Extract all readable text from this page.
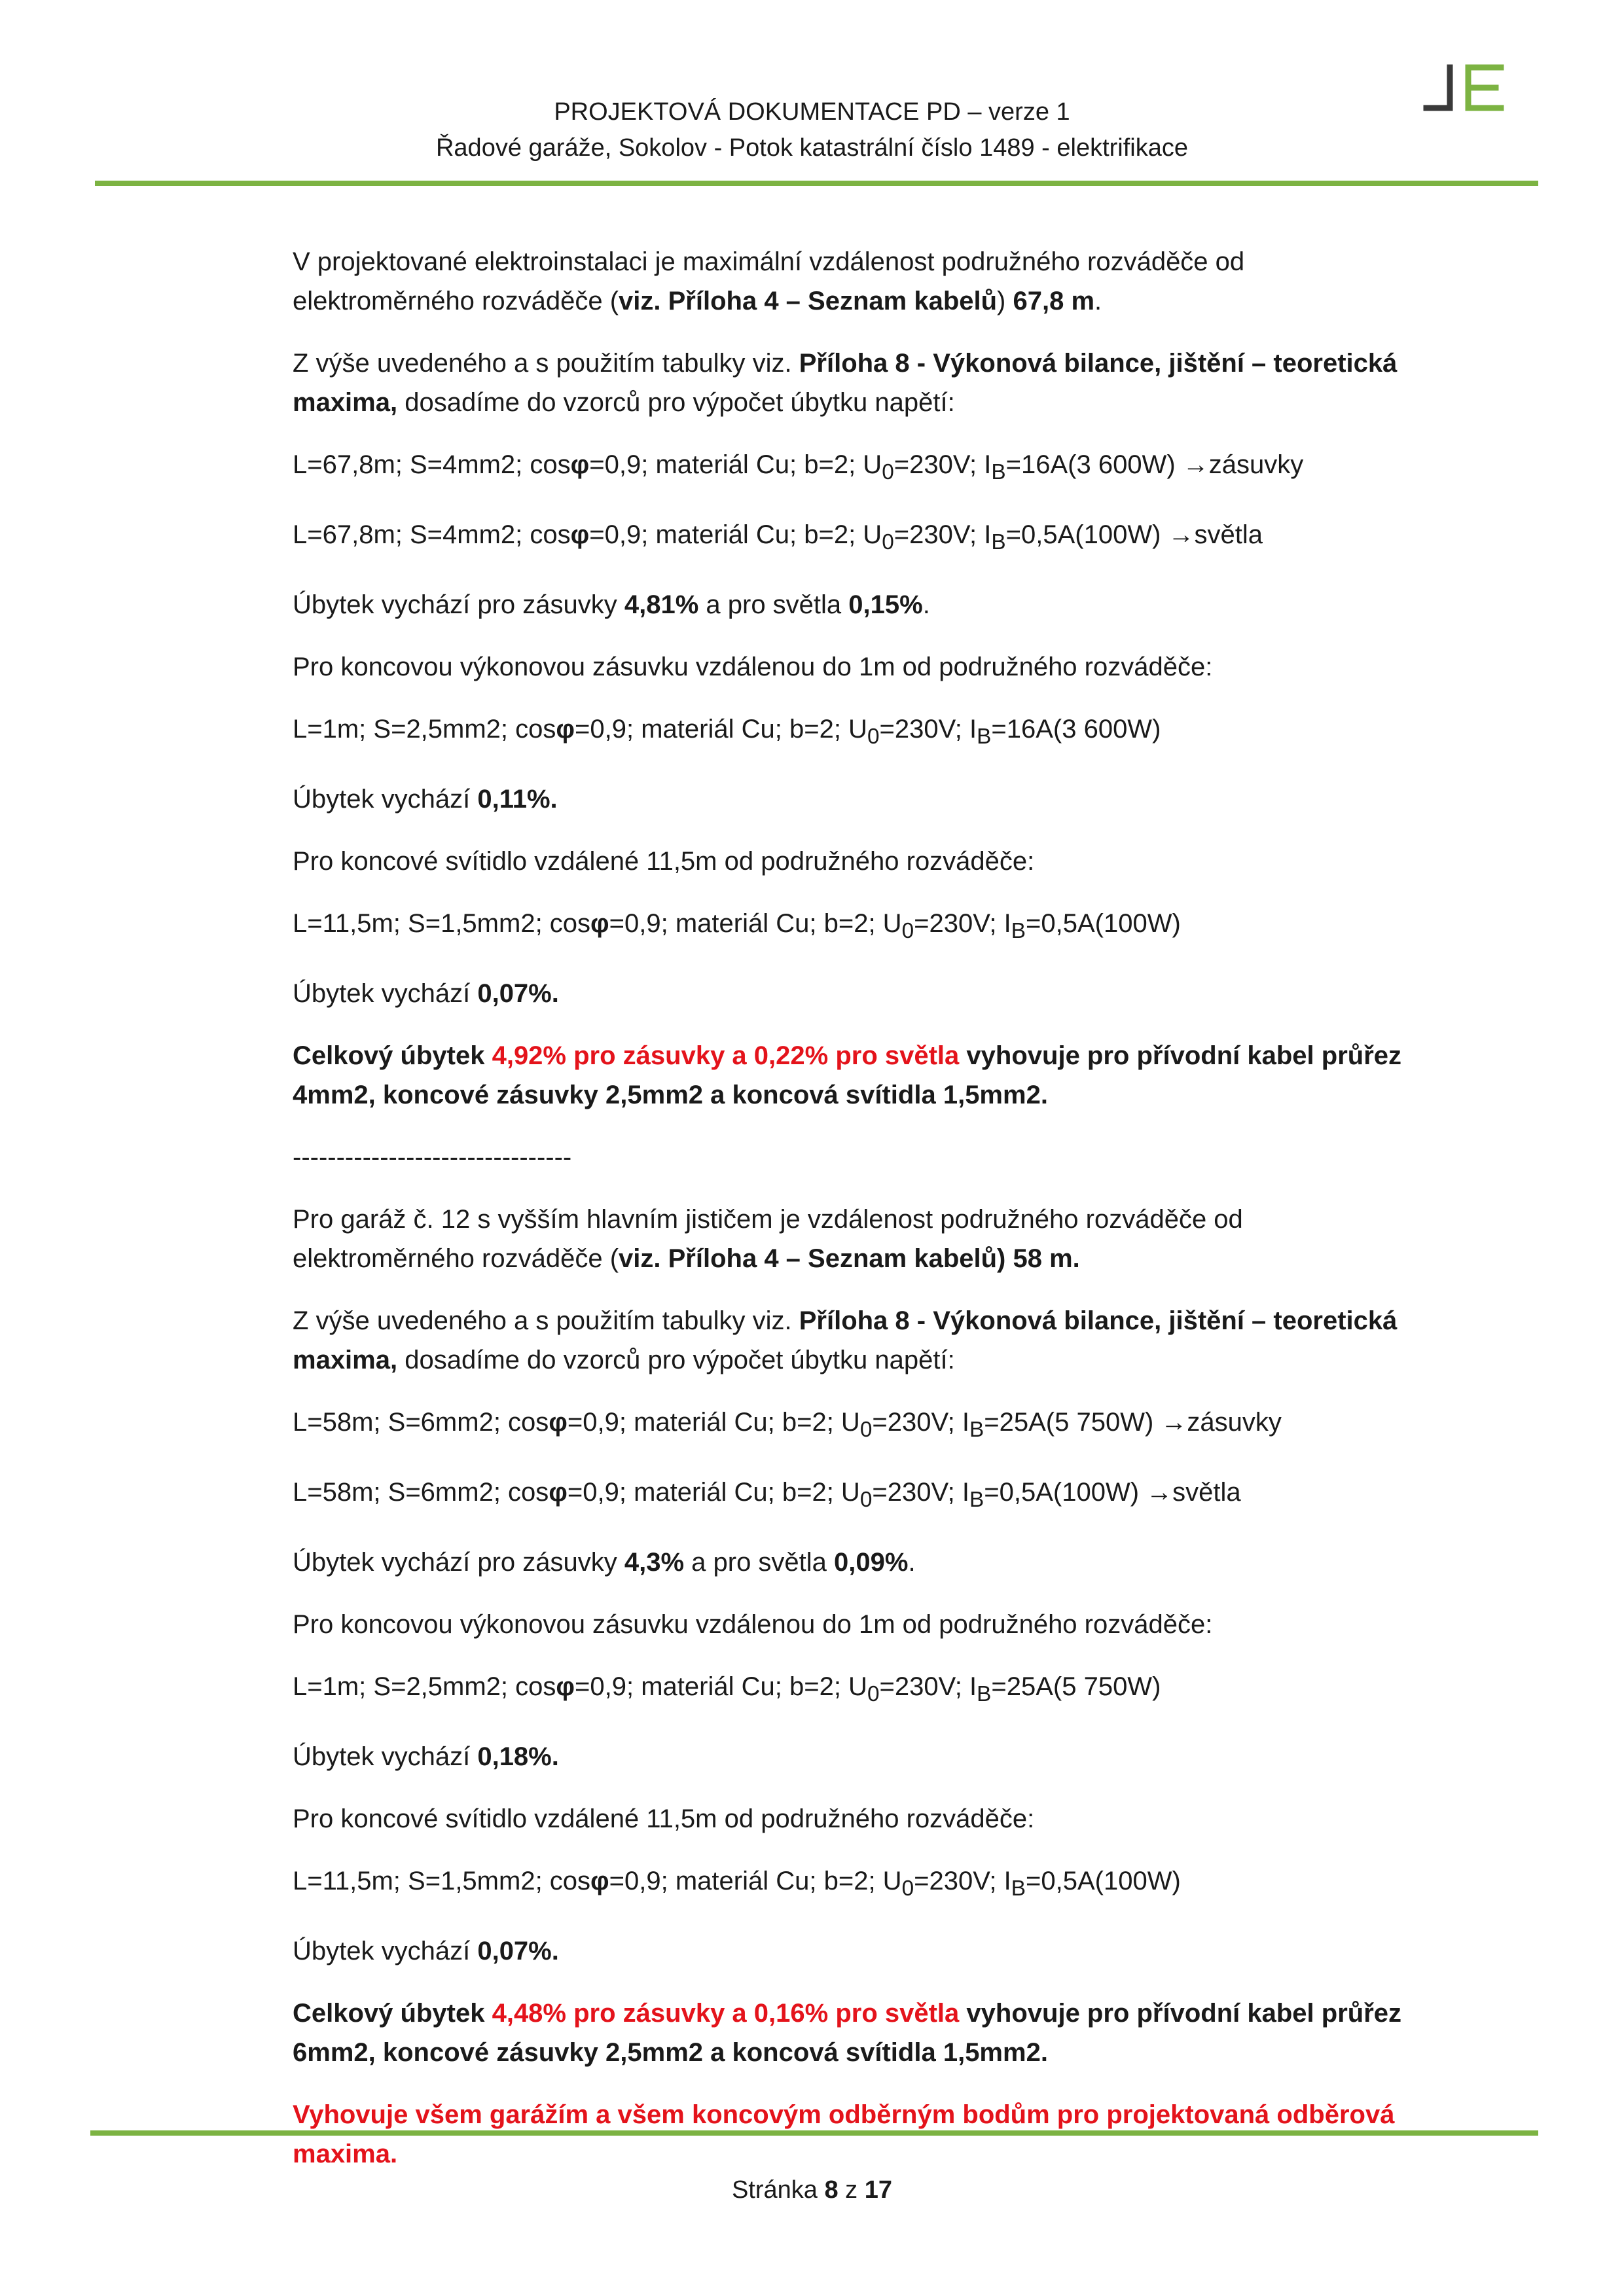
PROJEKTOVÁ DOKUMENTACE PD – verze 1
Řadové garáže, Sokolov - Potok katastrální číslo 1489 - elektrifikace

V projektované elektroinstalaci je maximální vzdálenost podružného rozváděče od

elektroměrného rozváděče (viz. Příloha 4 – Seznam kabelů) 67,8 m.

Z výše uvedeného a s použitím tabulky viz. Příloha 8 - Výkonová bilance, jištění – teoretická

maxima, dosadíme do vzorců pro výpočet úbytku napětí:

L=67,8m; S=4mm2; cosφ=0,9; materiál Cu; b=2; $U_0=230V$; $I_B=16A(3$ 600W) →zásuvky

L=67,8m; S=4mm2; cosφ=0,9; materiál Cu; b=2; $U_0=230V$; $I_B=0,5A(100W)$ →světla

Úbytek vychází pro zásuvky 4,81% a pro světla 0,15%.

Pro koncovou výkonovou zásuvku vzdálenou do 1m od podružného rozváděče:

L=1m; S=2,5mm2; cosφ=0,9; materiál Cu; b=2; $U_0=230V$; $I_B=16A(3$ 600W)

Úbytek vychází 0,11%.

Pro koncové svítidlo vzdálené 11,5m od podružného rozváděče:

L=11,5m; S=1,5mm2; cosφ=0,9; materiál Cu; b=2; $U_0=230V$; $I_B=0,5A(100W)$

Úbytek vychází 0,07%.

Celkový úbytek 4,92% pro zásuvky a 0,22% pro světla vyhovuje pro přívodní kabel průřez

4mm2, koncové zásuvky 2,5mm2 a koncová svítidla 1,5mm2.

--------------------------------

Pro garáž č. 12 s vyšším hlavním jističem je vzdálenost podružného rozváděče od

elektroměrného rozváděče (viz. Příloha 4 – Seznam kabelů) 58 m.

Z výše uvedeného a s použitím tabulky viz. Příloha 8 - Výkonová bilance, jištění – teoretická

maxima, dosadíme do vzorců pro výpočet úbytku napětí:

L=58m; S=6mm2; cosφ=0,9; materiál Cu; b=2; $U_0=230V$; $I_B=25A(5$ 750W) →zásuvky

L=58m; S=6mm2; cosφ=0,9; materiál Cu; b=2; $U_0=230V$; $I_B=0,5A(100W)$ →světla

Úbytek vychází pro zásuvky 4,3% a pro světla 0,09%.

Pro koncovou výkonovou zásuvku vzdálenou do 1m od podružného rozváděče:

L=1m; S=2,5mm2; cosφ=0,9; materiál Cu; b=2; $U_0=230V$; $I_B=25A(5$ 750W)

Úbytek vychází 0,18%.

Pro koncové svítidlo vzdálené 11,5m od podružného rozváděče:

L=11,5m; S=1,5mm2; cosφ=0,9; materiál Cu; b=2; $U_0=230V$; $I_B=0,5A(100W)$

Úbytek vychází 0,07%.

Celkový úbytek 4,48% pro zásuvky a 0,16% pro světla vyhovuje pro přívodní kabel průřez

6mm2, koncové zásuvky 2,5mm2 a koncová svítidla 1,5mm2.

Vyhovuje všem garážím a všem koncovým odběrným bodům pro projektovaná odběrová

maxima.

Stránka 8 z 17
